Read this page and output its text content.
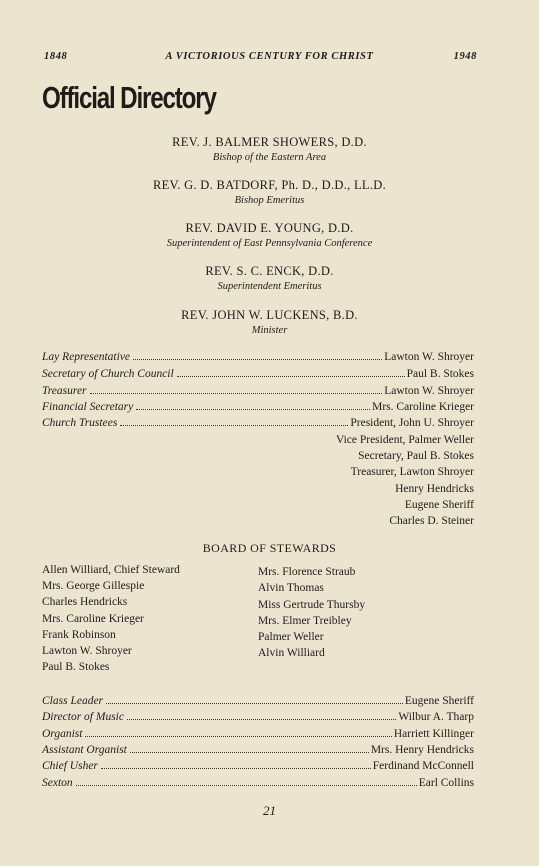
1848	A VICTORIOUS CENTURY FOR CHRIST	1948
Official Directory
REV. J. BALMER SHOWERS, D.D.
Bishop of the Eastern Area
REV. G. D. BATDORF, Ph. D., D.D., LL.D.
Bishop Emeritus
REV. DAVID E. YOUNG, D.D.
Superintendent of East Pennsylvania Conference
REV. S. C. ENCK, D.D.
Superintendent Emeritus
REV. JOHN W. LUCKENS, B.D.
Minister
Lay Representative	Lawton W. Shroyer
Secretary of Church Council	Paul B. Stokes
Treasurer	Lawton W. Shroyer
Financial Secretary	Mrs. Caroline Krieger
Church Trustees	President, John U. Shroyer
Vice President, Palmer Weller
Secretary, Paul B. Stokes
Treasurer, Lawton Shroyer
Henry Hendricks
Eugene Sheriff
Charles D. Steiner
BOARD OF STEWARDS
Allen Williard, Chief Steward
Mrs. George Gillespie
Charles Hendricks
Mrs. Caroline Krieger
Frank Robinson
Lawton W. Shroyer
Paul B. Stokes
Mrs. Florence Straub
Alvin Thomas
Miss Gertrude Thursby
Mrs. Elmer Treibley
Palmer Weller
Alvin Williard
Class Leader	Eugene Sheriff
Director of Music	Wilbur A. Tharp
Organist	Harriett Killinger
Assistant Organist	Mrs. Henry Hendricks
Chief Usher	Ferdinand McConnell
Sexton	Earl Collins
21
